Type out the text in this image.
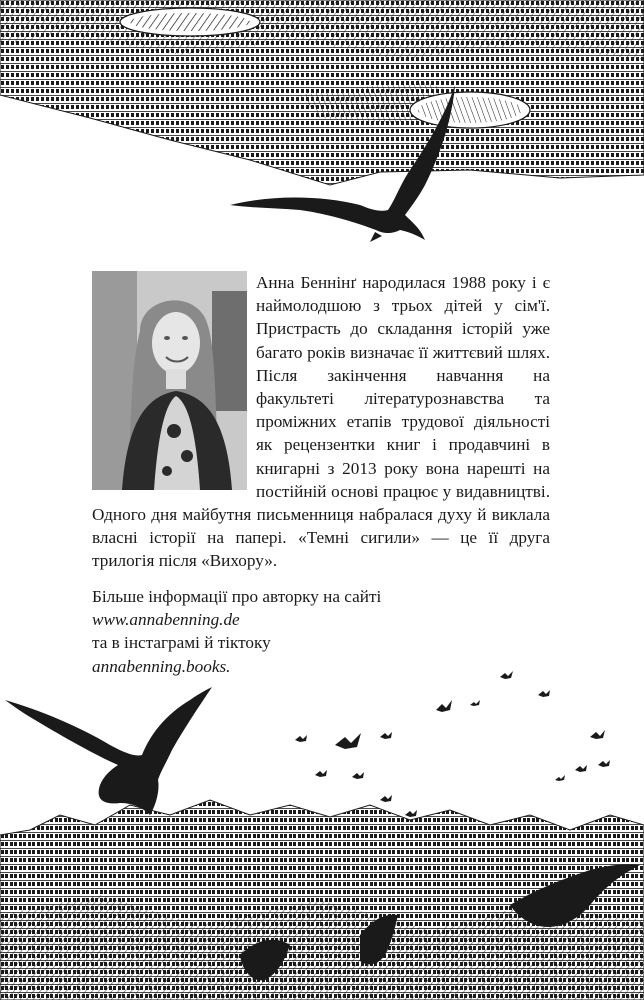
Анна Беннінґ народилася 1988 року і є наймолодшою з трьох дітей у сім'ї. Пристрасть до складання історій уже багато років визначає її життєвий шлях. Після закінчення навчання на факультеті літературознавства та проміжних етапів трудової діяльності як рецензентки книг і продавчині в книгарні з 2013 року вона нарешті на постійній основі працює у видавництві. Одного дня майбутня письменниця набралася духу й виклала власні історії на папері. «Темні сигили» — це її друга трилогія після «Вихору».

Більше інформації про авторку на сайті
www.annabenning.de
та в інстаграмі й тіктоку
annabenning.books.
